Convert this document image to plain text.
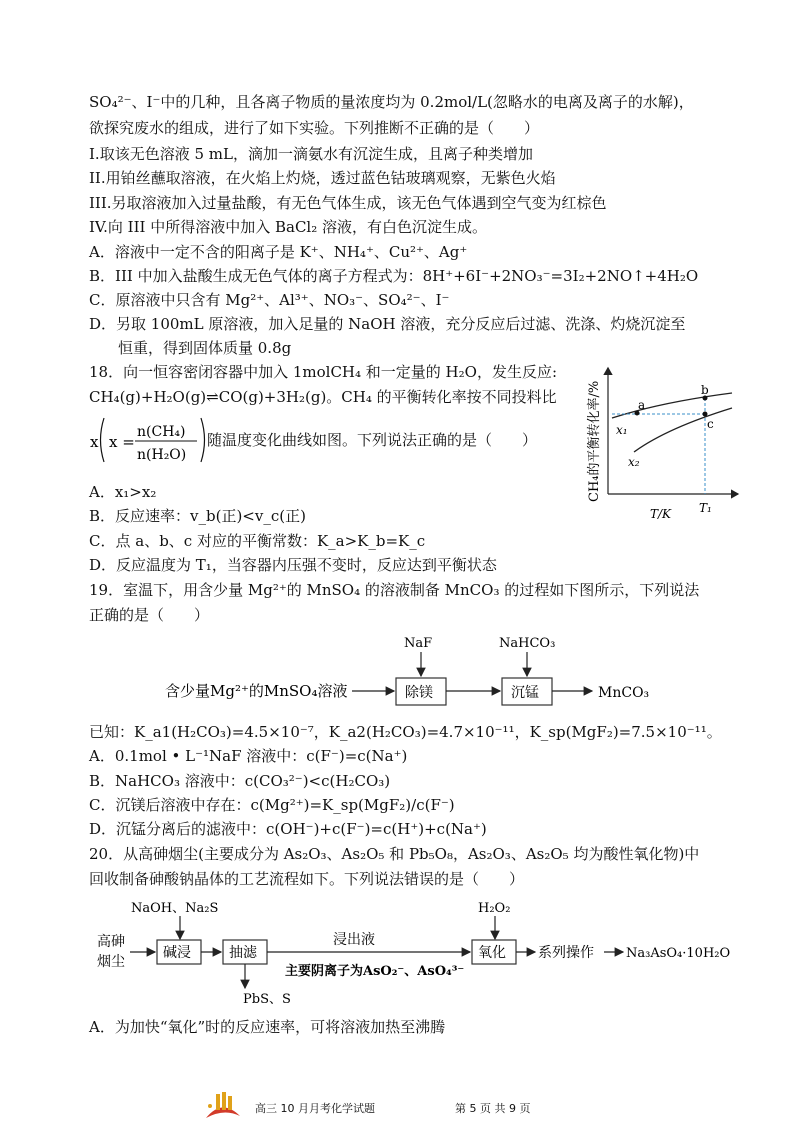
SO₄²⁻、I⁻中的几种，且各离子物质的量浓度均为 0.2mol/L(忽略水的电离及离子的水解)，
欲探究废水的组成，进行了如下实验。下列推断不正确的是（　　）
I.取该无色溶液 5 mL，滴加一滴氨水有沉淀生成，且离子种类增加
II.用铂丝蘸取溶液，在火焰上灼烧，透过蓝色钴玻璃观察，无紫色火焰
III.另取溶液加入过量盐酸，有无色气体生成，该无色气体遇到空气变为红棕色
IV.向 III 中所得溶液中加入 BaCl₂ 溶液，有白色沉淀生成。
A．溶液中一定不含的阳离子是 K⁺、NH₄⁺、Cu²⁺、Ag⁺
B．III 中加入盐酸生成无色气体的离子方程式为：8H⁺+6I⁻+2NO₃⁻=3I₂+2NO↑+4H₂O
C．原溶液中只含有 Mg²⁺、Al³⁺、NO₃⁻、SO₄²⁻、I⁻
D．另取 100mL 原溶液，加入足量的 NaOH 溶液，充分反应后过滤、洗涤、灼烧沉淀至
恒重，得到固体质量 0.8g
18．向一恒容密闭容器中加入 1molCH₄ 和一定量的 H₂O，发生反应:
CH₄(g)+H₂O(g)⇌CO(g)+3H₂(g)。CH₄ 的平衡转化率按不同投料比
x x =
n(CH₄)
n(H₂O)
随温度变化曲线如图。下列说法正确的是（　　）
A．x₁>x₂
B．反应速率：v_b(正)<v_c(正)
C．点 a、b、c 对应的平衡常数：K_a>K_b=K_c
D．反应温度为 T₁，当容器内压强不变时，反应达到平衡状态
CH₄的平衡转化率/%	a
b
c
x₁
x₂
T/K T₁
19．室温下，用含少量 Mg²⁺的 MnSO₄ 的溶液制备 MnCO₃ 的过程如下图所示，下列说法
正确的是（　　）
含少量Mg²⁺的MnSO₄溶液	除镁
NaF
沉锰
NaHCO₃
MnCO₃
已知：K_a1(H₂CO₃)=4.5×10⁻⁷，K_a2(H₂CO₃)=4.7×10⁻¹¹，K_sp(MgF₂)=7.5×10⁻¹¹。
A．0.1mol • L⁻¹NaF 溶液中：c(F⁻)=c(Na⁺)
B．NaHCO₃ 溶液中：c(CO₃²⁻)<c(H₂CO₃)
C．沉镁后溶液中存在：c(Mg²⁺)=K_sp(MgF₂)/c(F⁻)
D．沉锰分离后的滤液中：c(OH⁻)+c(F⁻)=c(H⁺)+c(Na⁺)
20．从高砷烟尘(主要成分为 As₂O₃、As₂O₅ 和 Pb₅O₈，As₂O₃、As₂O₅ 均为酸性氧化物)中
回收制备砷酸钠晶体的工艺流程如下。下列说法错误的是（　　）
NaOH、Na₂S
高砷
烟尘
碱浸	抽滤
PbS、S
浸出液
主要阴离子为AsO₂⁻、AsO₄³⁻
H₂O₂
氧化 系列操作 Na₃AsO₄·10H₂O
A．为加快“氧化”时的反应速率，可将溶液加热至沸腾
高三 10 月月考化学试题	第 5 页 共 9 页
